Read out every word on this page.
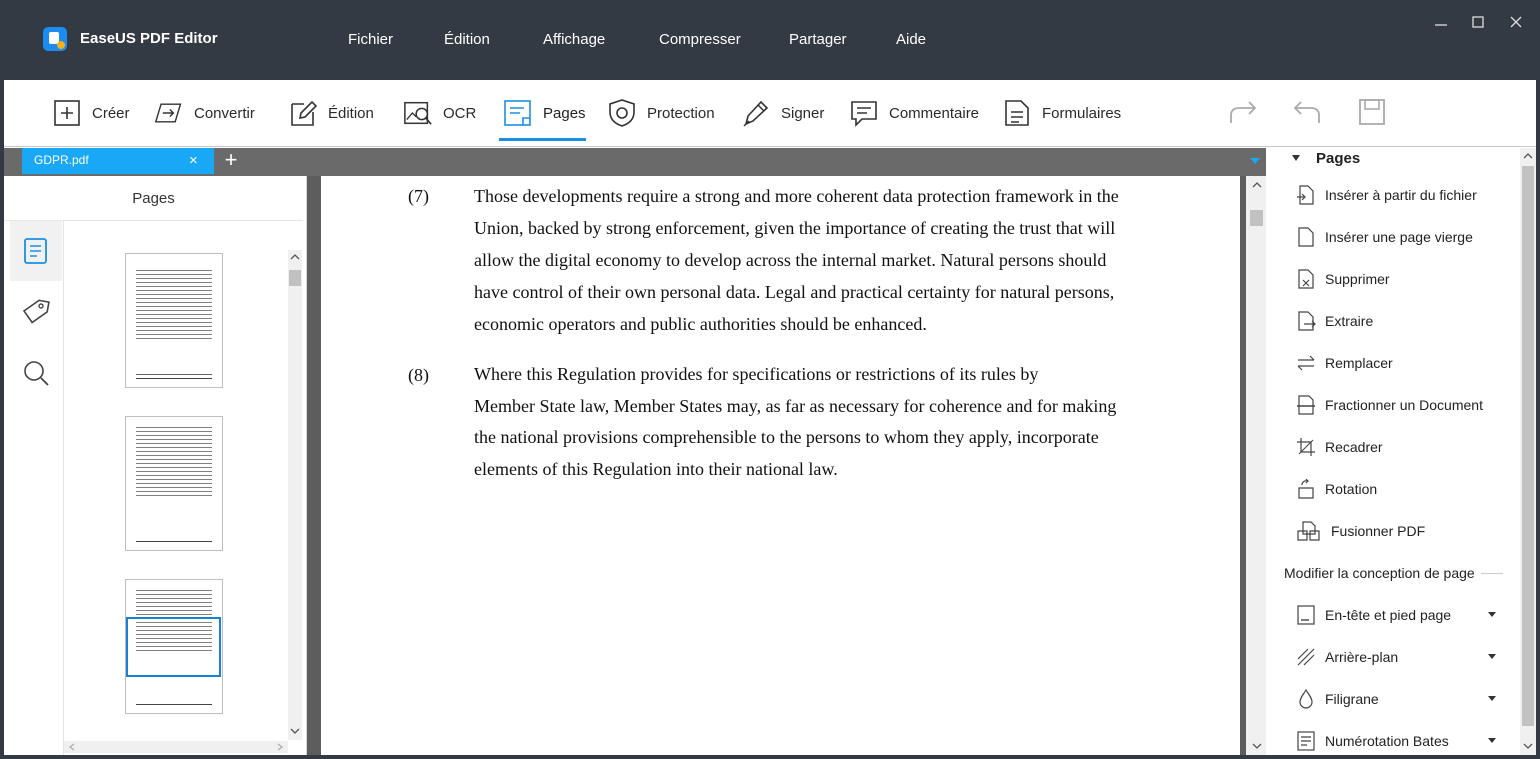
EaseUS PDF Editor	Fichier	Édition	Affichage	Compresser	Partager	Aide
Créer	Convertir	Édition	OCR	Pages	Protection	Signer	Commentaire	Formulaires
GDPR.pdf	× +
Pages	(7)	Those developments require a strong and more coherent data protection framework in the
Union, backed by strong enforcement, given the importance of creating the trust that will
allow the digital economy to develop across the internal market. Natural persons should
have control of their own personal data. Legal and practical certainty for natural persons,
economic operators and public authorities should be enhanced.
(8)	Where this Regulation provides for specifications or restrictions of its rules by
Member State law, Member States may, as far as necessary for coherence and for making
the national provisions comprehensible to the persons to whom they apply, incorporate
elements of this Regulation into their national law.
Pages
Insérer à partir du fichier
Insérer une page vierge
Supprimer
Extraire
Remplacer
Fractionner un Document
Recadrer
Rotation
Fusionner PDF
Modifier la conception de page
En-tête et pied page
Arrière-plan
Filigrane
Numérotation Bates
